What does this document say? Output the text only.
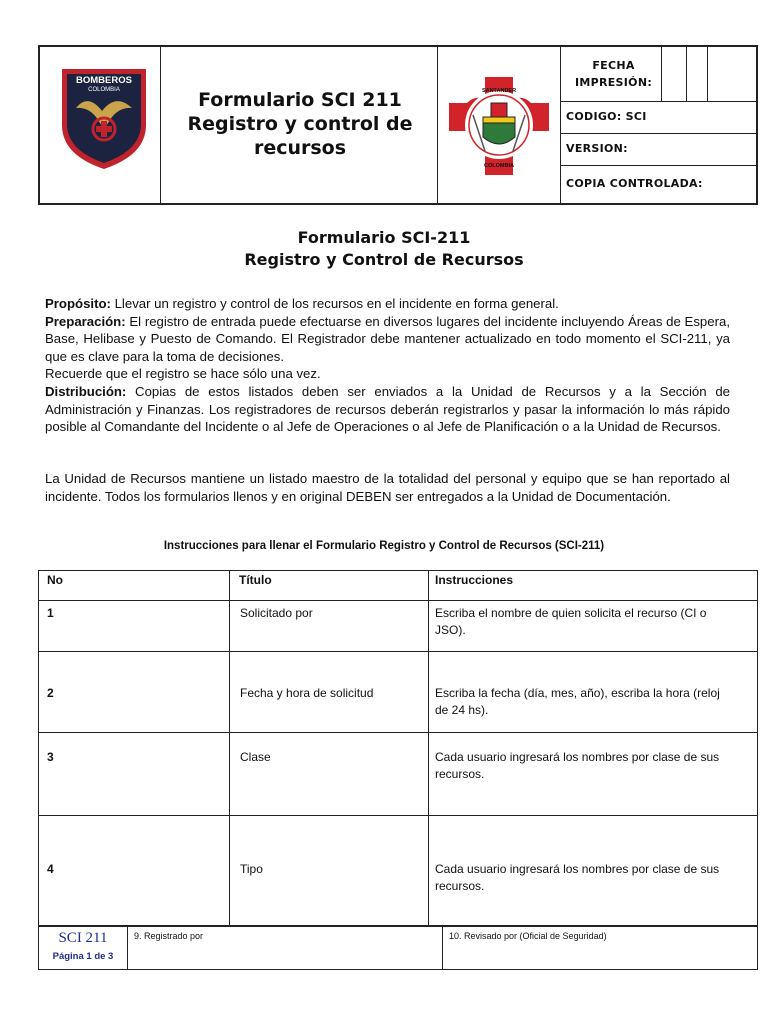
BOMBEROS
COLOMBIA	Formulario SCI 211
Registro y control de
recursos
SANTANDER
COLOMBIA
FECHA
IMPRESIÓN:
CODIGO: SCI
VERSION:
COPIA CONTROLADA:
Formulario SCI-211
Registro y Control de Recursos
Propósito: Llevar un registro y control de los recursos en el incidente en forma general.
Preparación: El registro de entrada puede efectuarse en diversos lugares del incidente incluyendo Áreas de Espera, Base, Helibase y Puesto de Comando. El Registrador debe mantener actualizado en todo momento el SCI-211, ya que es clave para la toma de decisiones.
Recuerde que el registro se hace sólo una vez.
Distribución: Copias de estos listados deben ser enviados a la Unidad de Recursos y a la Sección de Administración y Finanzas. Los registradores de recursos deberán registrarlos y pasar la información lo más rápido posible al Comandante del Incidente o al Jefe de Operaciones o al Jefe de Planificación o a la Unidad de Recursos.
La Unidad de Recursos mantiene un listado maestro de la totalidad del personal y equipo que se han reportado al incidente. Todos los formularios llenos y en original DEBEN ser entregados a la Unidad de Documentación.
Instrucciones para llenar el Formulario Registro y Control de Recursos (SCI-211)
No	Título	Instrucciones
1	Solicitado por	Escriba el nombre de quien solicita el recurso (CI o JSO).
2	Fecha y hora de solicitud	Escriba la fecha (día, mes, año), escriba la hora (reloj de 24 hs).
3	Clase	Cada usuario ingresará los nombres por clase de sus recursos.
4	Tipo	Cada usuario ingresará los nombres por clase de sus recursos.
SCI 211
Página 1 de 3
9. Registrado por	10. Revisado por (Oficial de Seguridad)
